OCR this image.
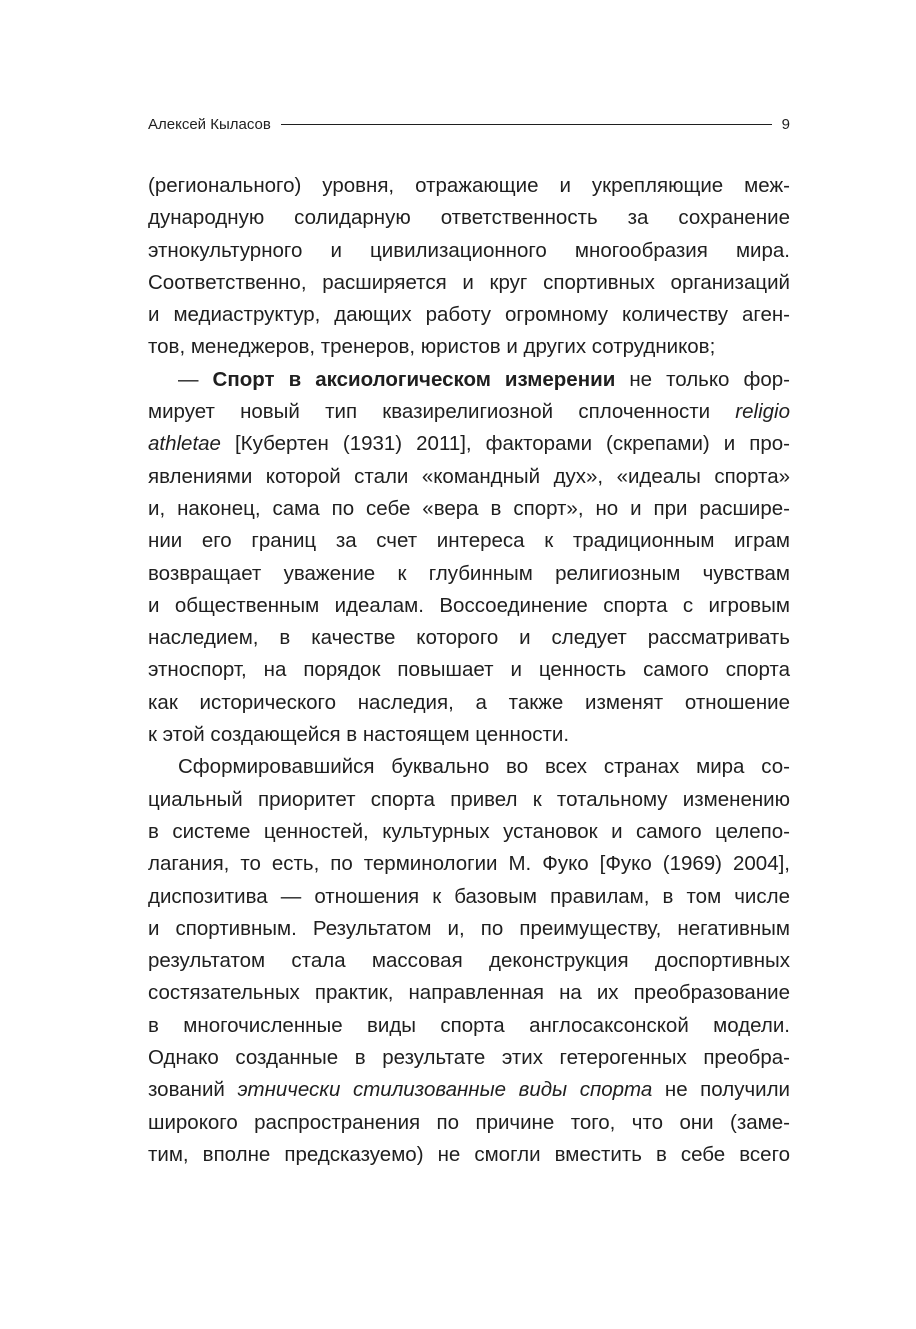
Алексей Кыласов	9
(регионального) уровня, отражающие и укрепляющие меж-
дународную солидарную ответственность за сохранение
этнокультурного и цивилизационного многообразия мира.
Соответственно, расширяется и круг спортивных организаций
и медиаструктур, дающих работу огромному количеству аген-
тов, менеджеров, тренеров, юристов и других сотрудников;
— Спорт в аксиологическом измерении не только фор-
мирует новый тип квазирелигиозной сплоченности religio
athletae [Кубертен (1931) 2011], факторами (скрепами) и про-
явлениями которой стали «командный дух», «идеалы спорта»
и, наконец, сама по себе «вера в спорт», но и при расшире-
нии его границ за счет интереса к традиционным играм
возвращает уважение к глубинным религиозным чувствам
и общественным идеалам. Воссоединение спорта с игровым
наследием, в качестве которого и следует рассматривать
этноспорт, на порядок повышает и ценность самого спорта
как исторического наследия, а также изменят отношение
к этой создающейся в настоящем ценности.
Сформировавшийся буквально во всех странах мира со-
циальный приоритет спорта привел к тотальному изменению
в системе ценностей, культурных установок и самого целепо-
лагания, то есть, по терминологии М. Фуко [Фуко (1969) 2004],
диспозитива — отношения к базовым правилам, в том числе
и спортивным. Результатом и, по преимуществу, негативным
результатом стала массовая деконструкция доспортивных
состязательных практик, направленная на их преобразование
в многочисленные виды спорта англосаксонской модели.
Однако созданные в результате этих гетерогенных преобра-
зований этнически стилизованные виды спорта не получили
широкого распространения по причине того, что они (заме-
тим, вполне предсказуемо) не смогли вместить в себе всего
